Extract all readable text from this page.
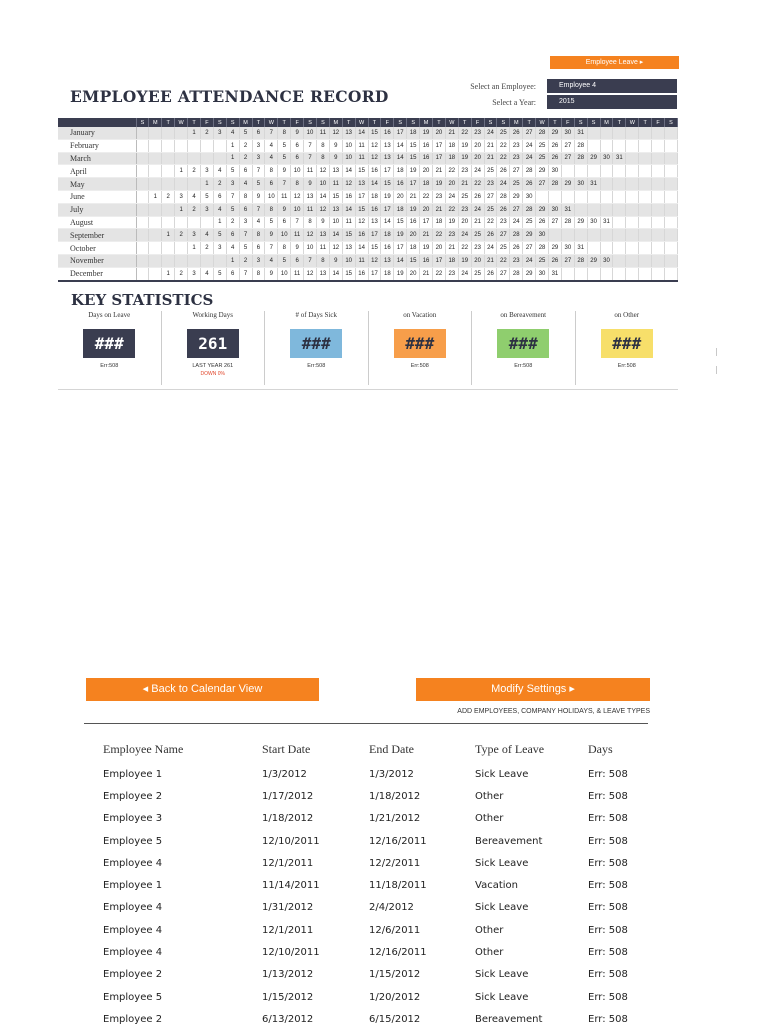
Employee Leave ▸
EMPLOYEE ATTENDANCE RECORD
Select an Employee:	Employee 4
Select a Year:	2015
	S	M	T	W	T	F	S	S	M	T	W	T	F	S	S	M	T	W	T	F	S	S	M	T	W	T	F	S	S	M	T	W	T	F	S	S	M	T	W	T	F	S
January					1	2	3	4	5	6	7	8	9	10	11	12	13	14	15	16	17	18	19	20	21	22	23	24	25	26	27	28	29	30	31							
February								1	2	3	4	5	6	7	8	9	10	11	12	13	14	15	16	17	18	19	20	21	22	23	24	25	26	27	28							
March								1	2	3	4	5	6	7	8	9	10	11	12	13	14	15	16	17	18	19	20	21	22	23	24	25	26	27	28	29	30	31				
April				1	2	3	4	5	6	7	8	9	10	11	12	13	14	15	16	17	18	19	20	21	22	23	24	25	26	27	28	29	30									
May						1	2	3	4	5	6	7	8	9	10	11	12	13	14	15	16	17	18	19	20	21	22	23	24	25	26	27	28	29	30	31						
June		1	2	3	4	5	6	7	8	9	10	11	12	13	14	15	16	17	18	19	20	21	22	23	24	25	26	27	28	29	30											
July				1	2	3	4	5	6	7	8	9	10	11	12	13	14	15	16	17	18	19	20	21	22	23	24	25	26	27	28	29	30	31								
August							1	2	3	4	5	6	7	8	9	10	11	12	13	14	15	16	17	18	19	20	21	22	23	24	25	26	27	28	29	30	31					
September			1	2	3	4	5	6	7	8	9	10	11	12	13	14	15	16	17	18	19	20	21	22	23	24	25	26	27	28	29	30										
October					1	2	3	4	5	6	7	8	9	10	11	12	13	14	15	16	17	18	19	20	21	22	23	24	25	26	27	28	29	30	31							
November								1	2	3	4	5	6	7	8	9	10	11	12	13	14	15	16	17	18	19	20	21	22	23	24	25	26	27	28	29	30					
December			1	2	3	4	5	6	7	8	9	10	11	12	13	14	15	16	17	18	19	20	21	22	23	24	25	26	27	28	29	30	31									
KEY STATISTICS
Days on Leave
###
Err:508
Working Days
261
LAST YEAR 261
DOWN 0%
# of Days Sick
###
Err:508
on Vacation
###
Err:508
on Bereavement
###
Err:508
on Other
###
Err:508
◂ Back to Calendar View	Modify Settings ▸
ADD EMPLOYEES, COMPANY HOLIDAYS, & LEAVE TYPES
Employee Name	Start Date	End Date	Type of Leave	Days
Employee 1	1/3/2012	1/3/2012	Sick Leave	Err: 508
Employee 2	1/17/2012	1/18/2012	Other	Err: 508
Employee 3	1/18/2012	1/21/2012	Other	Err: 508
Employee 5	12/10/2011	12/16/2011	Bereavement	Err: 508
Employee 4	12/1/2011	12/2/2011	Sick Leave	Err: 508
Employee 1	11/14/2011	11/18/2011	Vacation	Err: 508
Employee 4	1/31/2012	2/4/2012	Sick Leave	Err: 508
Employee 4	12/1/2011	12/6/2011	Other	Err: 508
Employee 4	12/10/2011	12/16/2011	Other	Err: 508
Employee 2	1/13/2012	1/15/2012	Sick Leave	Err: 508
Employee 5	1/15/2012	1/20/2012	Sick Leave	Err: 508
Employee 2	6/13/2012	6/15/2012	Bereavement	Err: 508
